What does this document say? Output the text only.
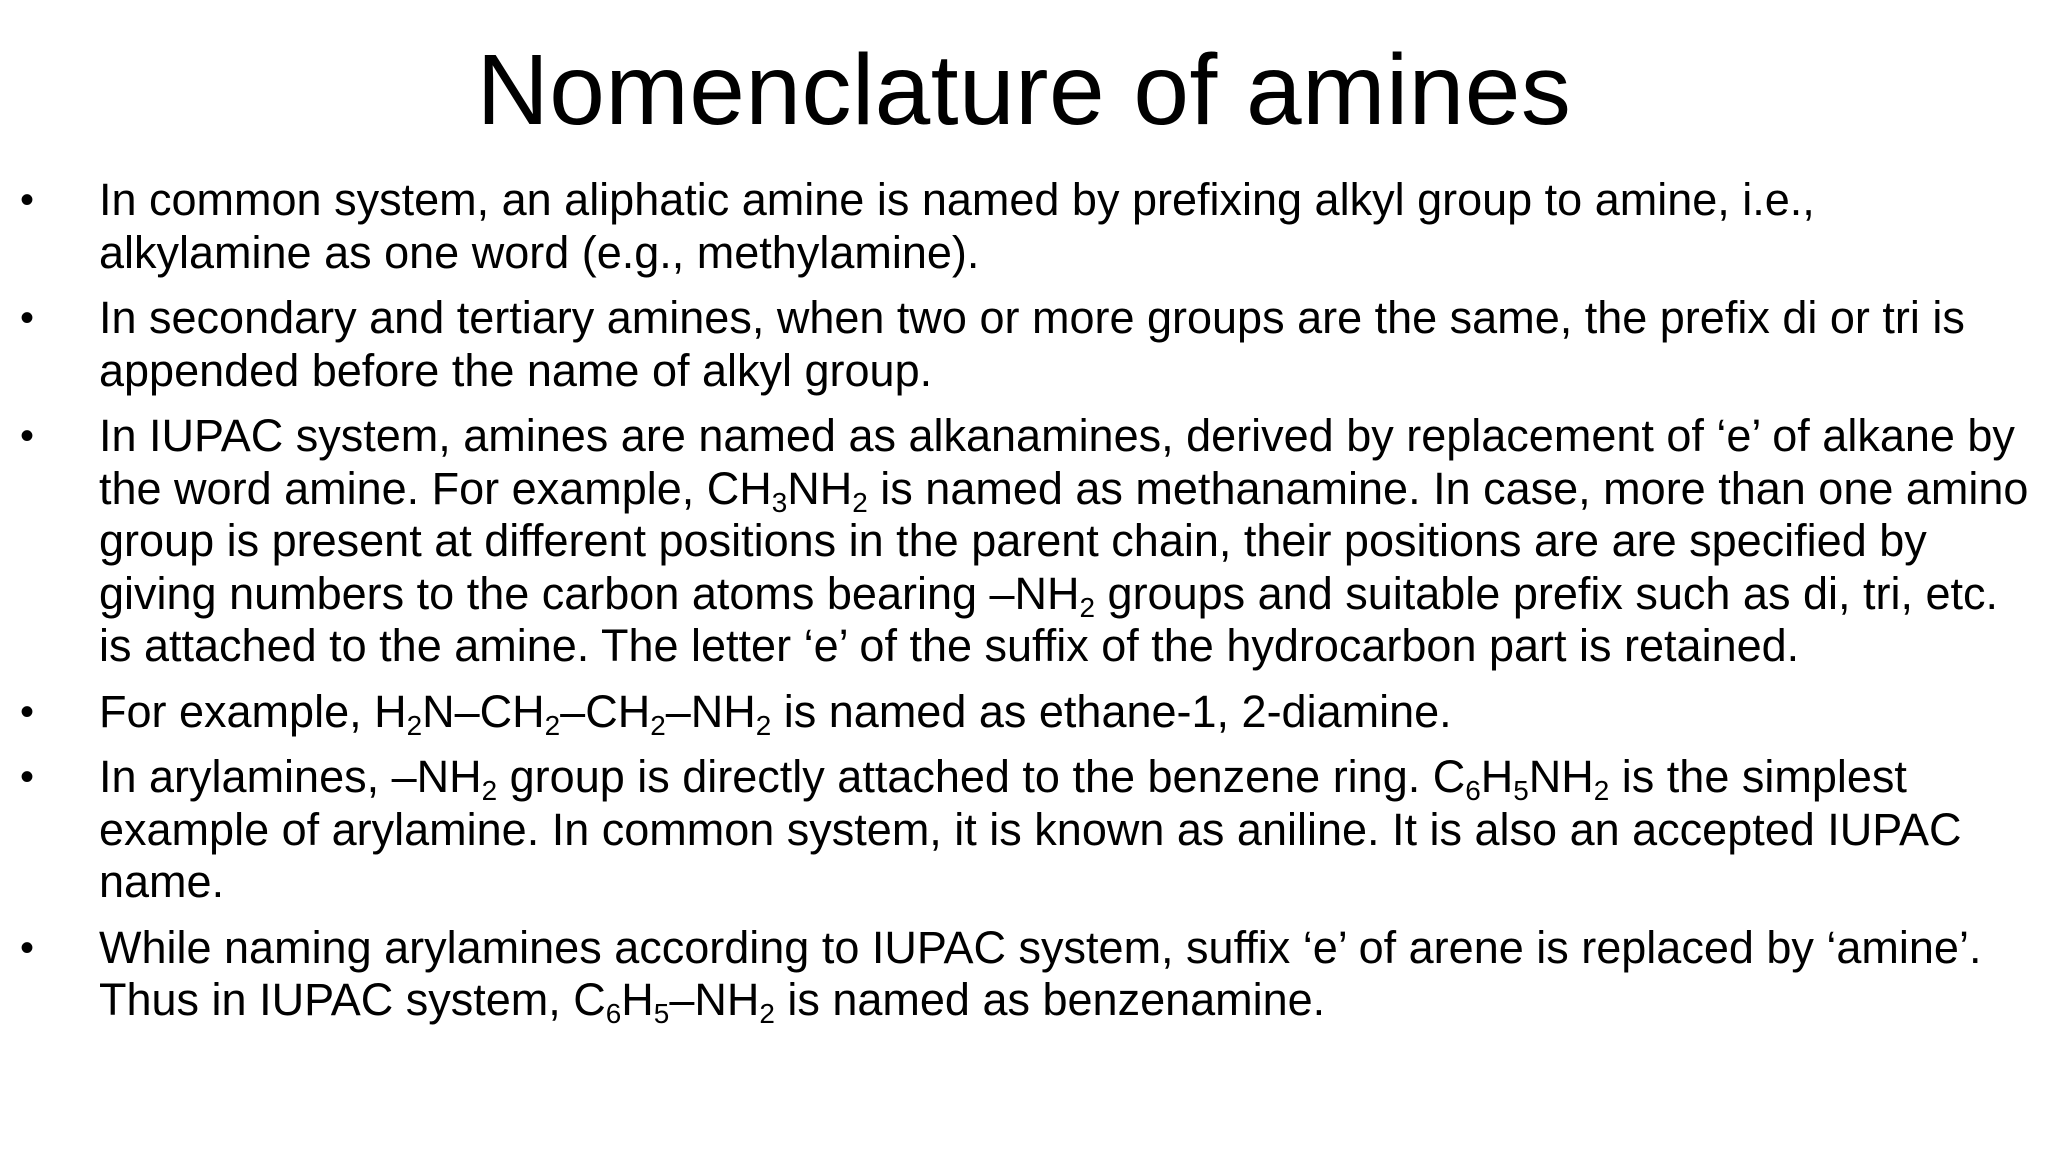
Nomenclature of amines
•	In common system, an aliphatic amine is named by prefixing alkyl group to amine, i.e., alkylamine as one word (e.g., methylamine).
•	In secondary and tertiary amines, when two or more groups are the same, the prefix di or tri is appended before the name of alkyl group.
•	In IUPAC system, amines are named as alkanamines, derived by replacement of ‘e’ of alkane by the word amine. For example, $CH_3NH_2$ is named as methanamine. In case, more than one amino group is present at different positions in the parent chain, their positions are are specified by giving numbers to the carbon atoms bearing $-NH_2$ groups and suitable prefix such as di, tri, etc. is attached to the amine. The letter ‘e’ of the suffix of the hydrocarbon part is retained.
•	For example, $H_2N-CH_2-CH_2-NH_2$ is named as ethane-1, 2-diamine.
•	In arylamines, $-NH_2$ group is directly attached to the benzene ring. $C_6H_5NH_2$ is the simplest example of arylamine. In common system, it is known as aniline. It is also an accepted IUPAC name.
•	While naming arylamines according to IUPAC system, suffix ‘e’ of arene is replaced by ‘amine’. Thus in IUPAC system, $C_6H_5-NH_2$ is named as benzenamine.
